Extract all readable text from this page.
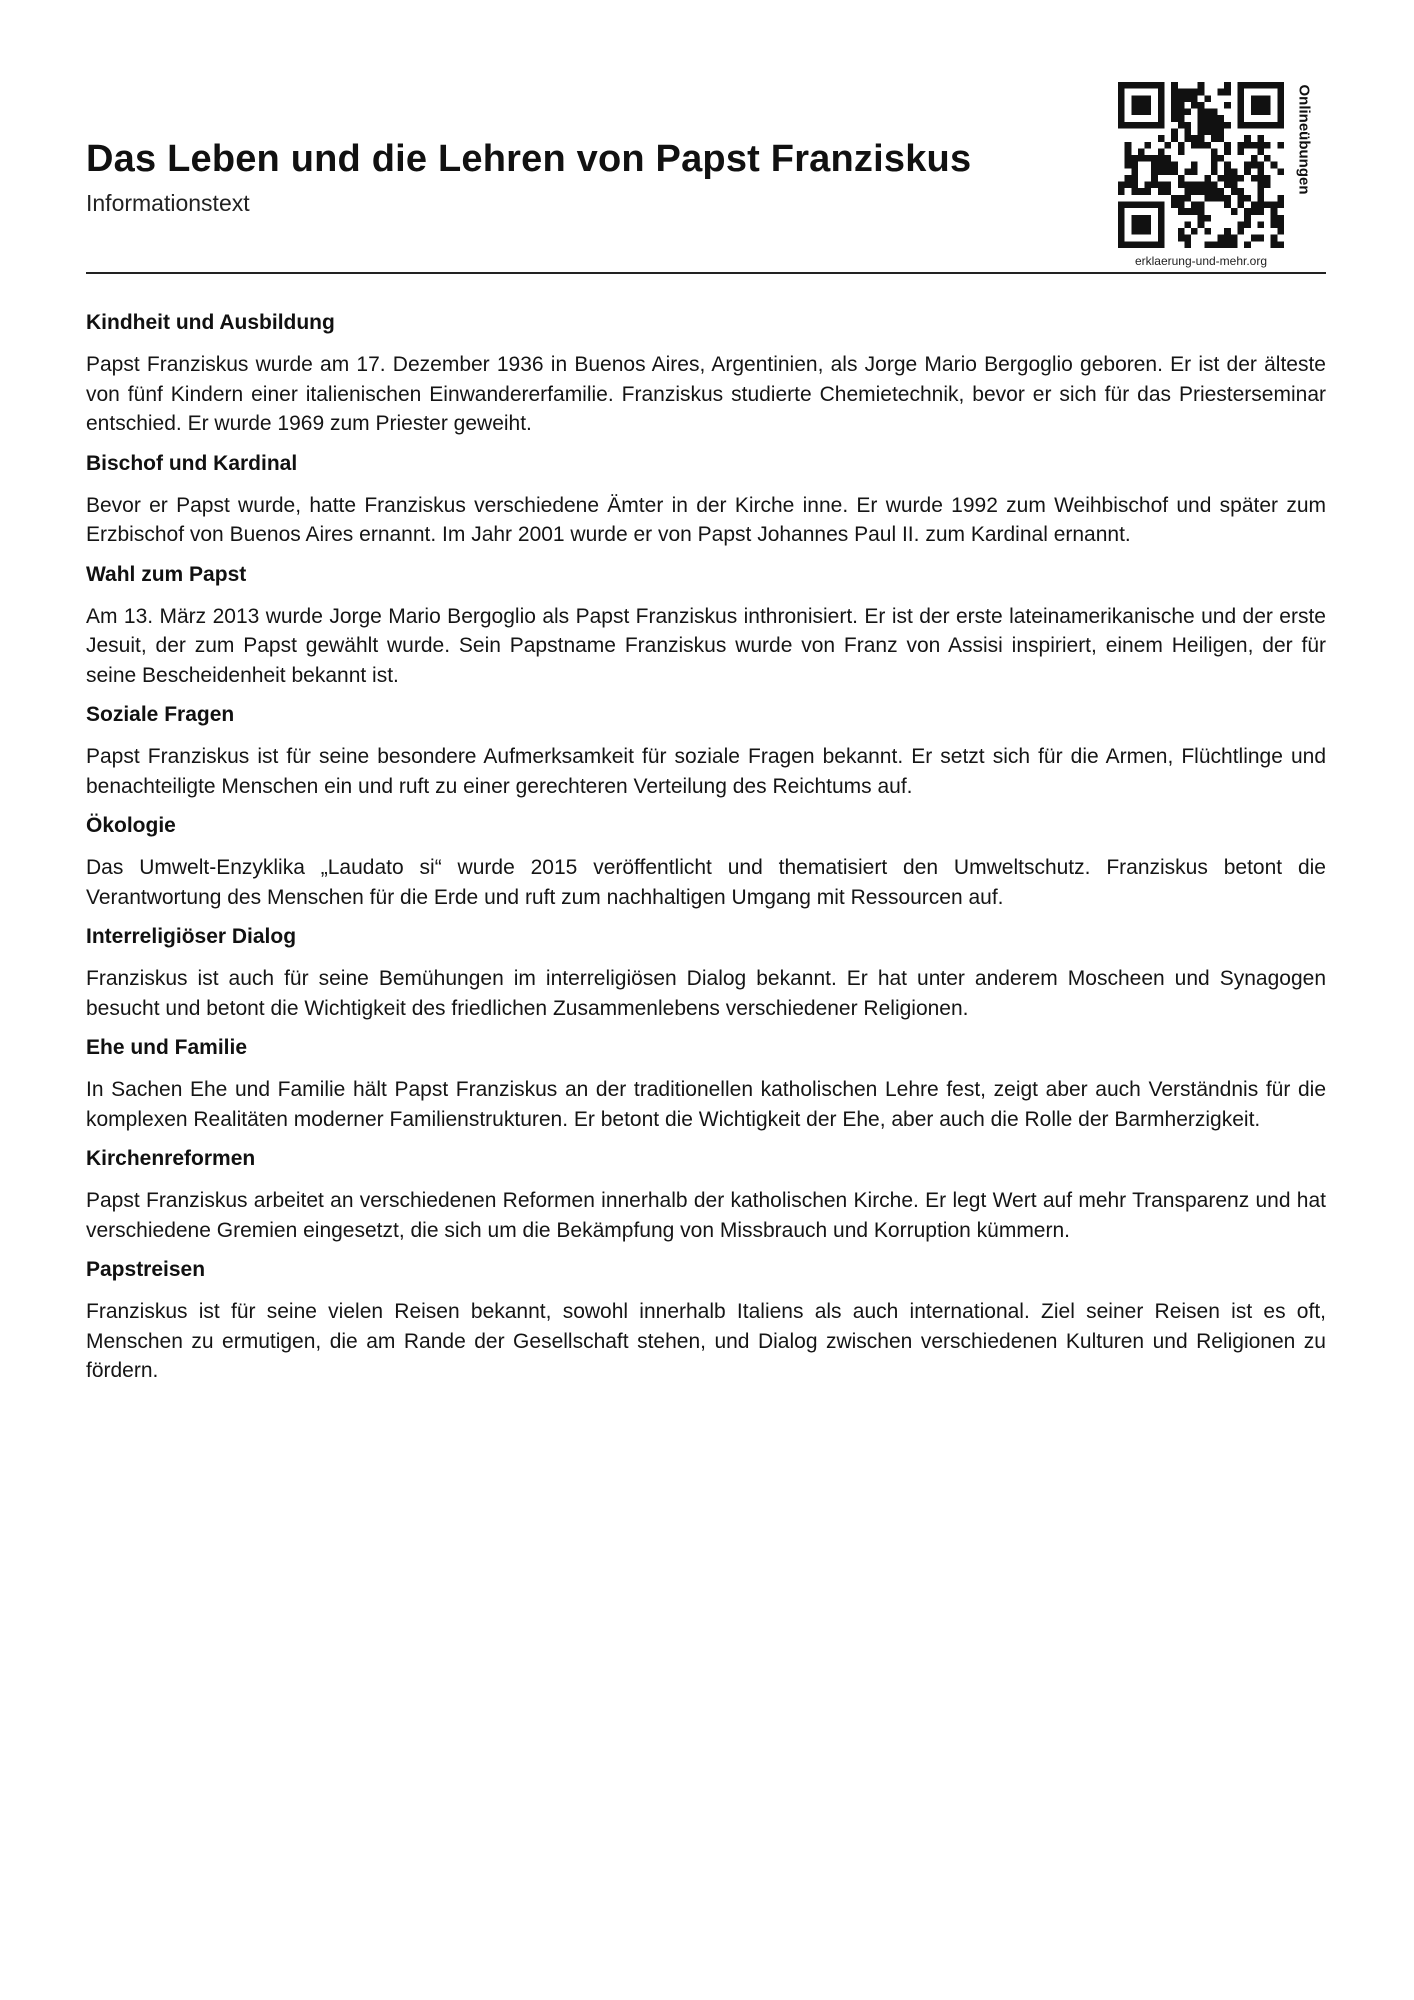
Das Leben und die Lehren von Papst Franziskus
Informationstext
Onlineübungen
erklaerung-und-mehr.org
Kindheit und Ausbildung

Papst Franziskus wurde am 17. Dezember 1936 in Buenos Aires, Argentinien, als Jorge Mario Bergoglio geboren. Er ist der älteste von fünf Kindern einer italienischen Einwandererfamilie. Franziskus studierte Chemietechnik, bevor er sich für das Priesterseminar entschied. Er wurde 1969 zum Priester geweiht.

Bischof und Kardinal

Bevor er Papst wurde, hatte Franziskus verschiedene Ämter in der Kirche inne. Er wurde 1992 zum Weihbischof und später zum Erzbischof von Buenos Aires ernannt. Im Jahr 2001 wurde er von Papst Johannes Paul II. zum Kardinal ernannt.

Wahl zum Papst

Am 13. März 2013 wurde Jorge Mario Bergoglio als Papst Franziskus inthronisiert. Er ist der erste lateinamerikanische und der erste Jesuit, der zum Papst gewählt wurde. Sein Papstname Franziskus wurde von Franz von Assisi inspiriert, einem Heiligen, der für seine Bescheidenheit bekannt ist.

Soziale Fragen

Papst Franziskus ist für seine besondere Aufmerksamkeit für soziale Fragen bekannt. Er setzt sich für die Armen, Flüchtlinge und benachteiligte Menschen ein und ruft zu einer gerechteren Verteilung des Reichtums auf.

Ökologie

Das Umwelt-Enzyklika „Laudato si“ wurde 2015 veröffentlicht und thematisiert den Umweltschutz. Franziskus betont die Verantwortung des Menschen für die Erde und ruft zum nachhaltigen Umgang mit Ressourcen auf.

Interreligiöser Dialog

Franziskus ist auch für seine Bemühungen im interreligiösen Dialog bekannt. Er hat unter anderem Moscheen und Synagogen besucht und betont die Wichtigkeit des friedlichen Zusammenlebens verschiedener Religionen.

Ehe und Familie

In Sachen Ehe und Familie hält Papst Franziskus an der traditionellen katholischen Lehre fest, zeigt aber auch Verständnis für die komplexen Realitäten moderner Familienstrukturen. Er betont die Wichtigkeit der Ehe, aber auch die Rolle der Barmherzigkeit.

Kirchenreformen

Papst Franziskus arbeitet an verschiedenen Reformen innerhalb der katholischen Kirche. Er legt Wert auf mehr Transparenz und hat verschiedene Gremien eingesetzt, die sich um die Bekämpfung von Missbrauch und Korruption kümmern.

Papstreisen

Franziskus ist für seine vielen Reisen bekannt, sowohl innerhalb Italiens als auch international. Ziel seiner Reisen ist es oft, Menschen zu ermutigen, die am Rande der Gesellschaft stehen, und Dialog zwischen verschiedenen Kulturen und Religionen zu fördern.
